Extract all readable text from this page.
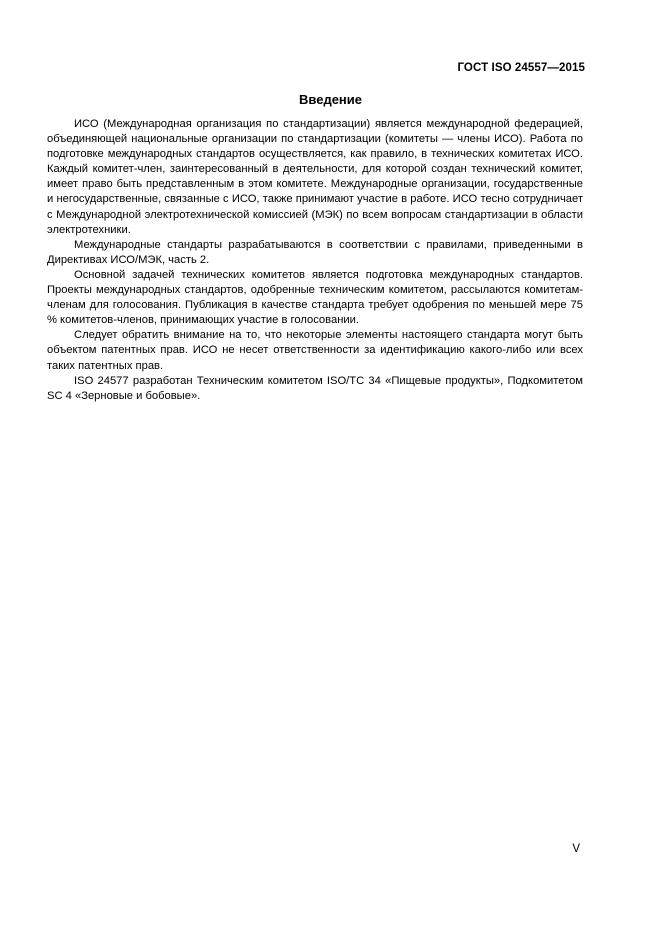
ГОСТ ISO 24557—2015
Введение

ИСО (Международная организация по стандартизации) является международной федерацией, объединяющей национальные организации по стандартизации (комитеты — члены ИСО). Работа по подготовке международных стандартов осуществляется, как правило, в технических комитетах ИСО. Каждый комитет-член, заинтересованный в деятельности, для которой создан технический комитет, имеет право быть представленным в этом комитете. Международные организации, государственные и негосударственные, связанные с ИСО, также принимают участие в работе. ИСО тесно сотрудничает с Международной электротехнической комиссией (МЭК) по всем вопросам стандартизации в области электротехники.

Международные стандарты разрабатываются в соответствии с правилами, приведенными в Директивах ИСО/МЭК, часть 2.

Основной задачей технических комитетов является подготовка международных стандартов. Проекты международных стандартов, одобренные техническим комитетом, рассылаются комитетам-членам для голосования. Публикация в качестве стандарта требует одобрения по меньшей мере 75 % комитетов-членов, принимающих участие в голосовании.

Следует обратить внимание на то, что некоторые элементы настоящего стандарта могут быть объектом патентных прав. ИСО не несет ответственности за идентификацию какого-либо или всех таких патентных прав.

ISO 24577 разработан Техническим комитетом ISO/TC 34 «Пищевые продукты», Подкомитетом SC 4 «Зерновые и бобовые».

V
